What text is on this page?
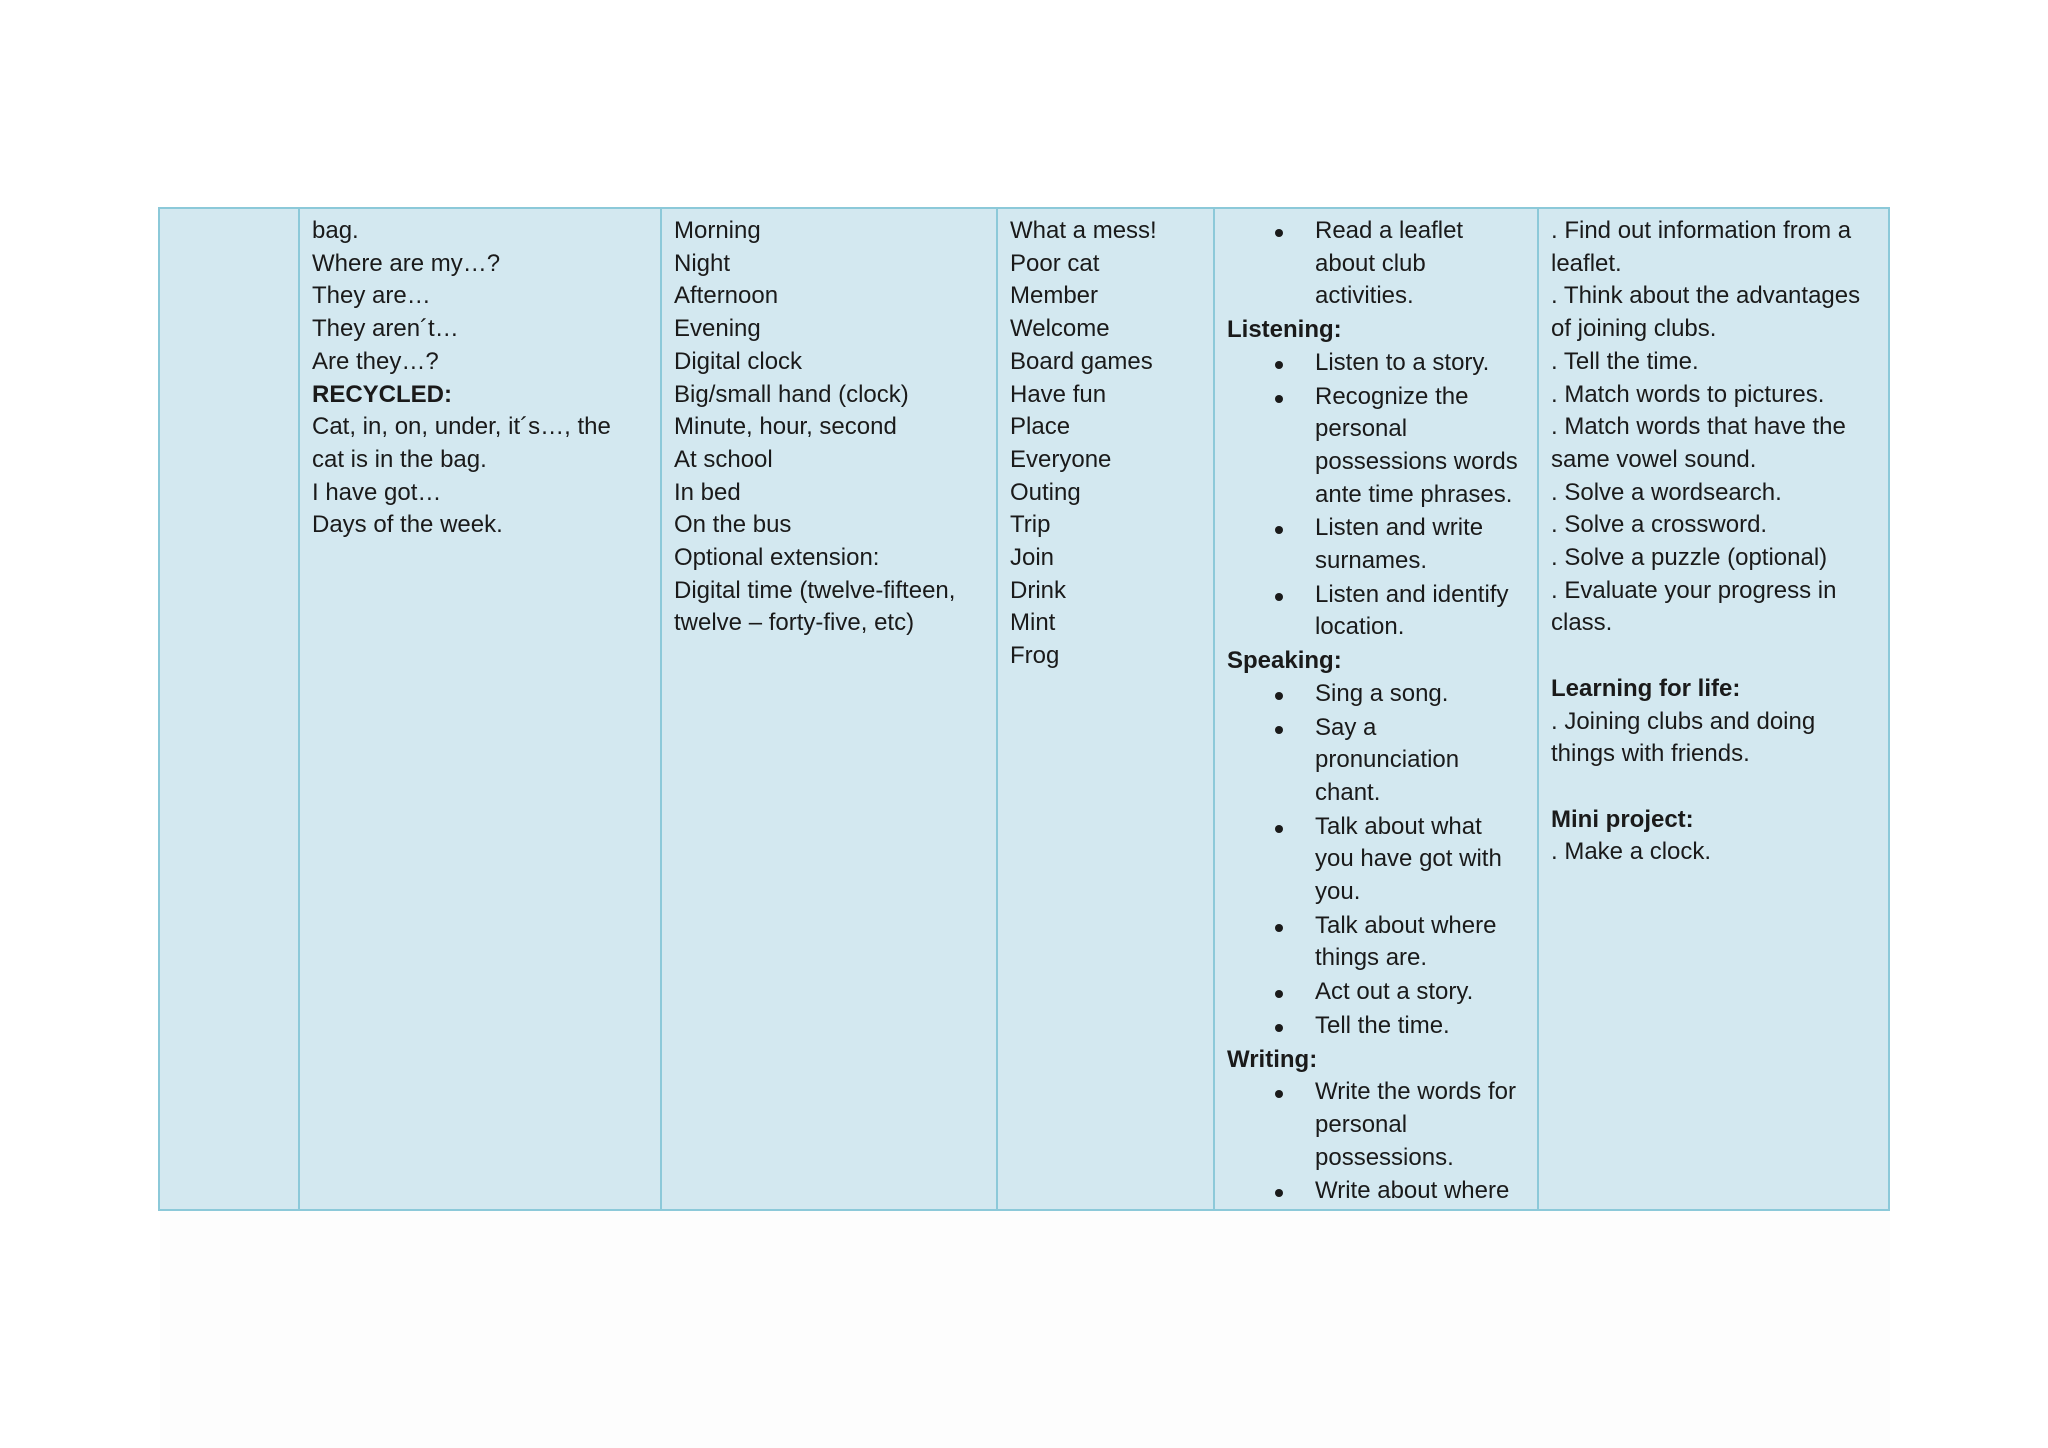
bag.
Where are my…?
They are…
They aren´t…
Are they…?
RECYCLED:
Cat, in, on, under, it´s…, the cat is in the bag.
I have got…
Days of the week.

Morning
Night
Afternoon
Evening
Digital clock
Big/small hand (clock)
Minute, hour, second
At school
In bed
On the bus
Optional extension:
Digital time (twelve-fifteen, twelve – forty-five, etc)

What a mess!
Poor cat
Member
Welcome
Board games
Have fun
Place
Everyone
Outing
Trip
Join
Drink
Mint
Frog

Read a leaflet about club activities.
Listening:
Listen to a story.
Recognize the personal possessions words ante time phrases.
Listen and write surnames.
Listen and identify location.
Speaking:
Sing a song.
Say a pronunciation chant.
Talk about what you have got with you.
Talk about where things are.
Act out a story.
Tell the time.
Writing:
Write the words for personal possessions.
Write about where

. Find out information from a leaflet.
. Think about the advantages of joining clubs.
. Tell the time.
. Match words to pictures.
. Match words that have the same vowel sound.
. Solve a wordsearch.
. Solve a crossword.
. Solve a puzzle (optional)
. Evaluate your progress in class.
Learning for life:
. Joining clubs and doing things with friends.
Mini project:
. Make a clock.
